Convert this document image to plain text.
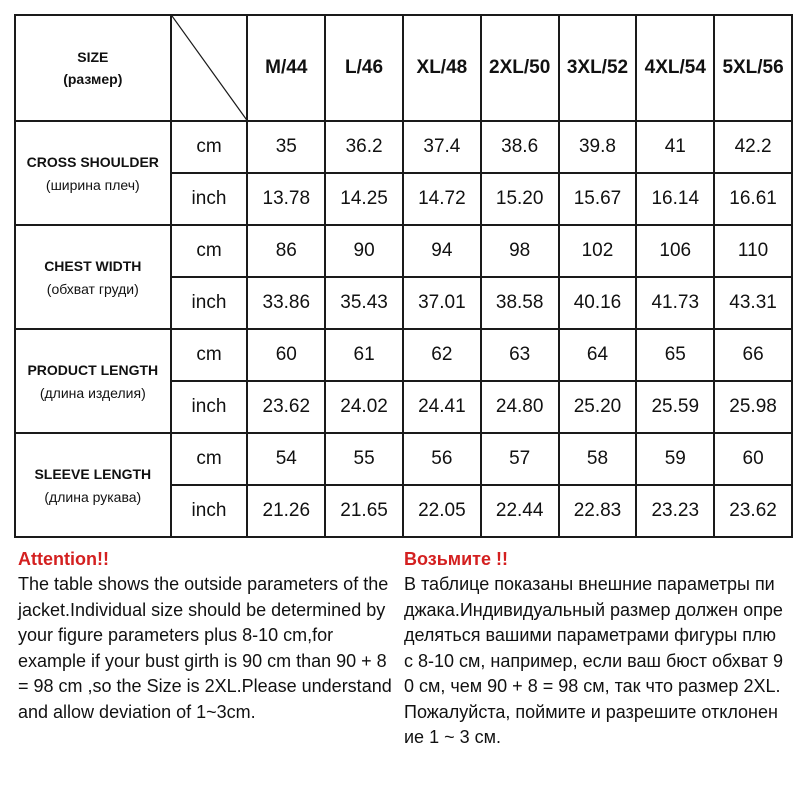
SIZE
(размер)		M/44	L/46	XL/48	2XL/50	3XL/52	4XL/54	5XL/56

CROSS SHOULDER
(ширина плеч)	cm	35	36.2	37.4	38.6	39.8	41	42.2
	inch	13.78	14.25	14.72	15.20	15.67	16.14	16.61

CHEST WIDTH
(обхват груди)	cm	86	90	94	98	102	106	110
	inch	33.86	35.43	37.01	38.58	40.16	41.73	43.31

PRODUCT LENGTH
(длина изделия)	cm	60	61	62	63	64	65	66
	inch	23.62	24.02	24.41	24.80	25.20	25.59	25.98

SLEEVE LENGTH
(длина рукава)	cm	54	55	56	57	58	59	60
	inch	21.26	21.65	22.05	22.44	22.83	23.23	23.62

Attention!!

The table shows the outside parameters of the jacket.Individual size should be determined by your figure parameters plus 8-10 cm,for example if your bust girth is 90 cm than 90 + 8 = 98 cm ,so the Size is 2XL.Please understand and allow deviation of 1~3cm.

Возьмите !!

В таблице показаны внешние параметры пиджака.Индивидуальный размер должен определяться вашими параметрами фигуры плюс 8-10 см, например, если ваш бюст обхват 90 см, чем 90 + 8 = 98 см, так что размер 2XL.Пожалуйста, поймите и разрешите отклонение 1 ~ 3 см.
